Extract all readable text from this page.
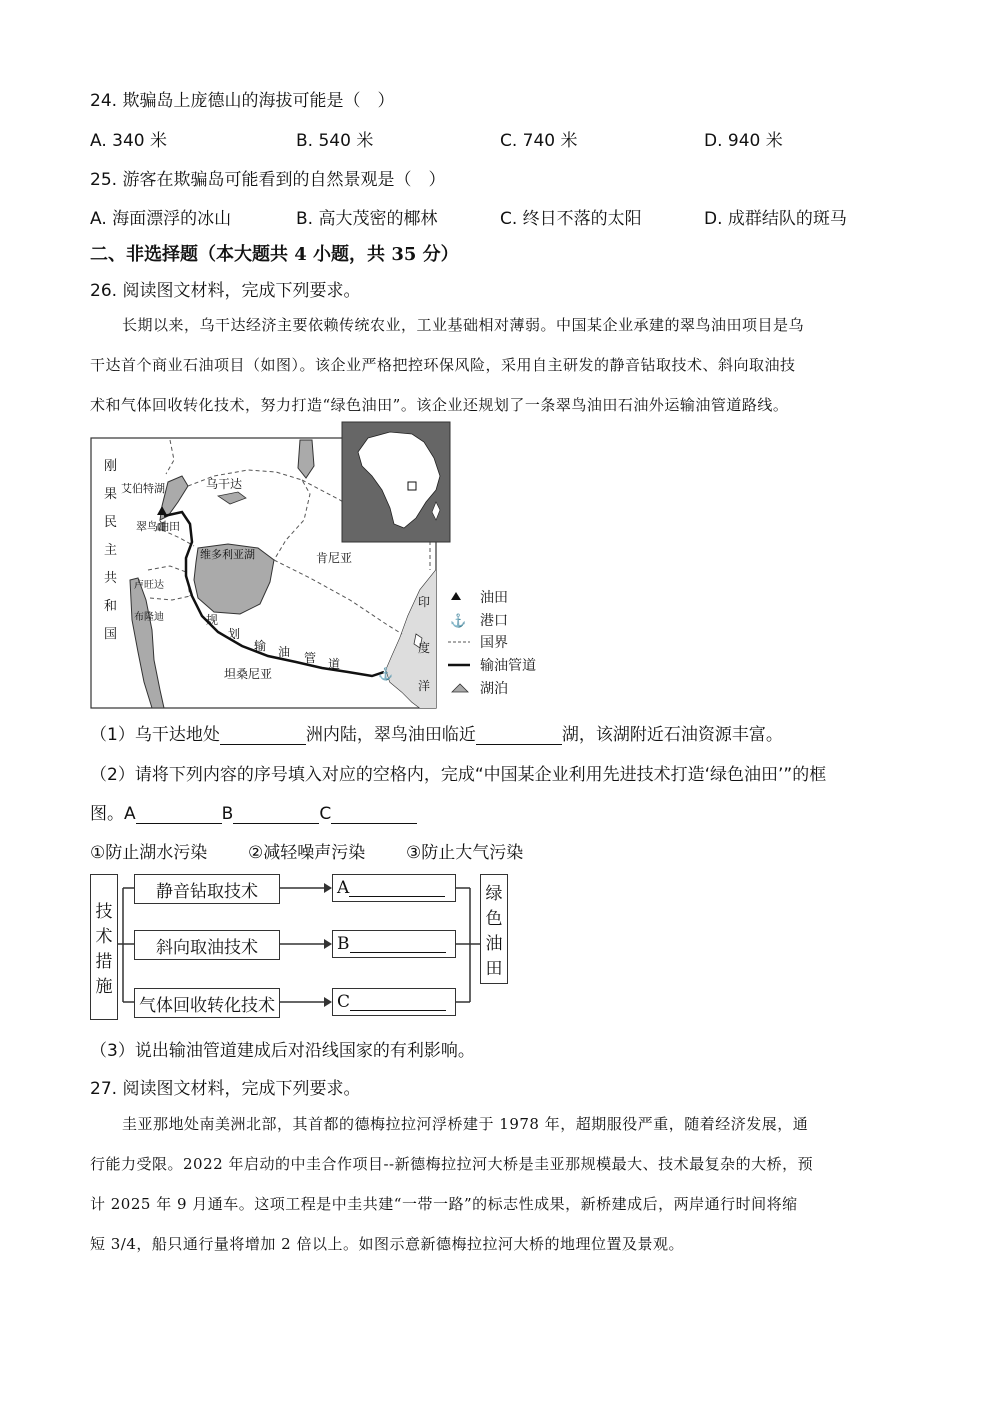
24. 欺骗岛上庞德山的海拔可能是（　）
A. 340 米	B. 540 米	C. 740 米	D. 940 米
25. 游客在欺骗岛可能看到的自然景观是（　）
A. 海面漂浮的冰山	B. 高大茂密的椰林	C. 终日不落的太阳	D. 成群结队的斑马
二、非选择题（本大题共 4 小题，共 35 分）
26. 阅读图文材料，完成下列要求。
长期以来，乌干达经济主要依赖传统农业，工业基础相对薄弱。中国某企业承建的翠鸟油田项目是乌
干达首个商业石油项目（如图）。该企业严格把控环保风险，采用自主研发的静音钻取技术、斜向取油技
术和气体回收转化技术，努力打造“绿色油田”。该企业还规划了一条翠鸟油田石油外运输油管道路线。
⚓
刚
果
民
主
共
和
国
艾伯特湖	乌干达
翠鸟油田
维多利亚湖	肯尼亚
卢旺达
布隆迪
坦桑尼亚
规
划
输 油 管 道
印
度
洋
油田
⚓ 港口
国界
输油管道
湖泊
（1）乌干达地处	洲内陆，翠鸟油田临近	湖，该湖附近石油资源丰富。
（2）请将下列内容的序号填入对应的空格内，完成“中国某企业利用先进技术打造‘绿色油田’”的框
图。A	B	C
①防止湖水污染 ②减轻噪声污染 ③防止大气污染
技
术
措
施
静音钻取技术
斜向取油技术
气体回收转化技术
A
B
C
绿
色
油
田
（3）说出输油管道建成后对沿线国家的有利影响。
27. 阅读图文材料，完成下列要求。
圭亚那地处南美洲北部，其首都的德梅拉拉河浮桥建于 1978 年，超期服役严重，随着经济发展，通
行能力受限。2022 年启动的中圭合作项目--新德梅拉拉河大桥是圭亚那规模最大、技术最复杂的大桥，预
计 2025 年 9 月通车。这项工程是中圭共建“一带一路”的标志性成果，新桥建成后，两岸通行时间将缩
短 3/4，船只通行量将增加 2 倍以上。如图示意新德梅拉拉河大桥的地理位置及景观。
